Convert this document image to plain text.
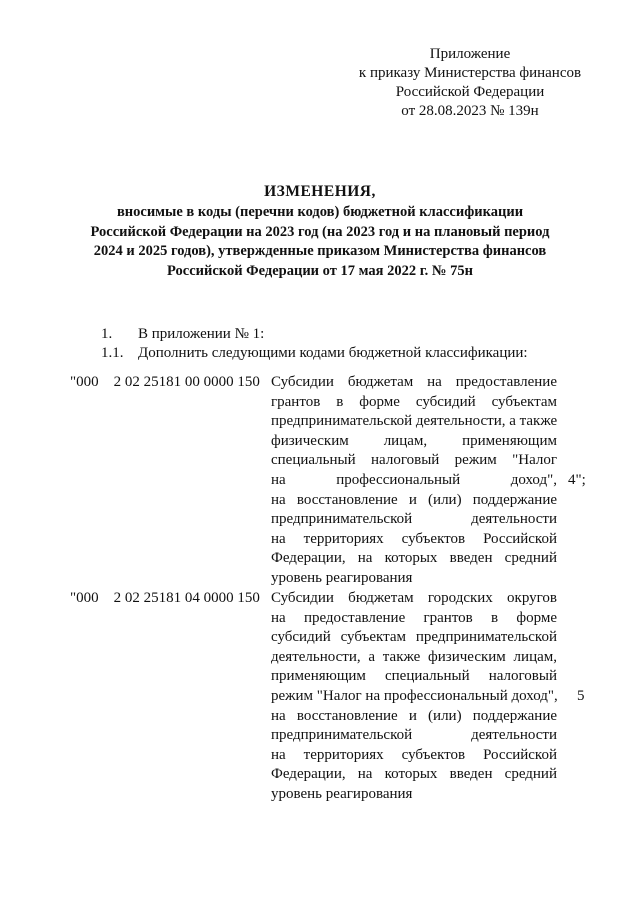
Приложение
к приказу Министерства финансов
Российской Федерации
от 28.08.2023 № 139н
ИЗМЕНЕНИЯ,
вносимые в коды (перечни кодов) бюджетной классификации
Российской Федерации на 2023 год (на 2023 год и на плановый период
2024 и 2025 годов), утвержденные приказом Министерства финансов
Российской Федерации от 17 мая 2022 г. № 75н
1. В приложении № 1:
1.1. Дополнить следующими кодами бюджетной классификации:
"000    2 02 25181 00 0000 150 Субсидии бюджетам на предоставление
грантов в форме субсидий субъектам
предпринимательской деятельности, а также
физическим лицам, применяющим
специальный налоговый режим "Налог
на профессиональный доход",
на восстановление и (или) поддержание
предпринимательской деятельности
на территориях субъектов Российской
Федерации, на которых введен средний
уровень реагирования
4";
"000    2 02 25181 04 0000 150 Субсидии бюджетам городских округов
на предоставление грантов в форме
субсидий субъектам предпринимательской
деятельности, а также физическим лицам,
применяющим специальный налоговый
режим "Налог на профессиональный доход",
на восстановление и (или) поддержание
предпринимательской деятельности
на территориях субъектов Российской
Федерации, на которых введен средний
уровень реагирования
5
